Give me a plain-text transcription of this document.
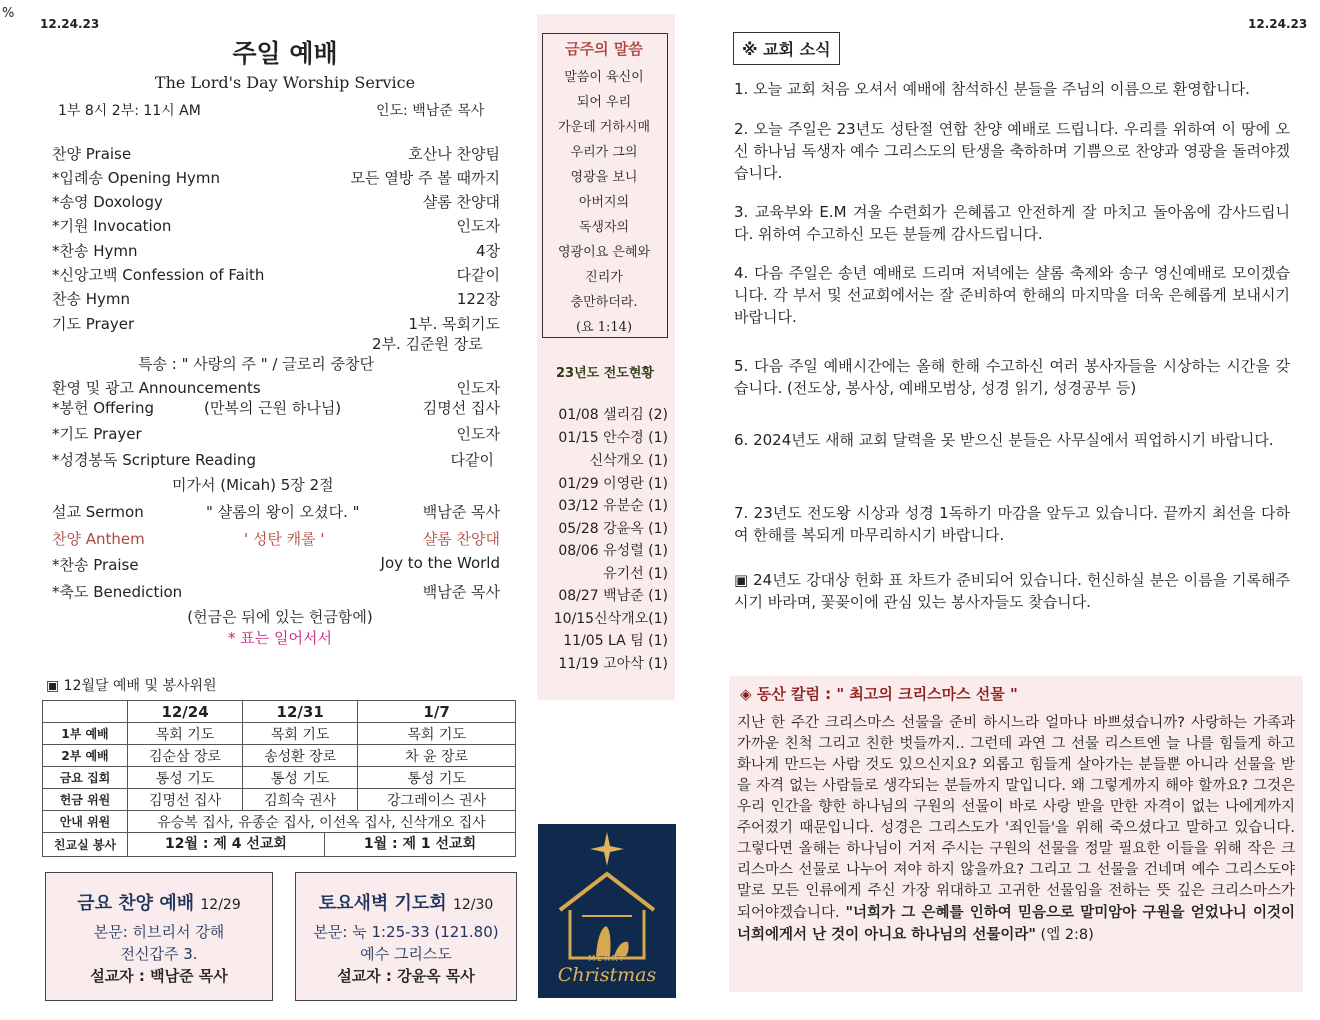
%
12.24.23	12.24.23
주일 예배
The Lord's Day Worship Service
1부 8시 2부: 11시 AM	인도: 백남준 목사
찬양 Praise	호산나 찬양팀
*입례송 Opening Hymn	모든 열방 주 볼 때까지
*송영 Doxology	샬롬 찬양대
*기원 Invocation	인도자
*찬송 Hymn	4장
*신앙고백 Confession of Faith	다같이
찬송 Hymn	122장
기도 Prayer	1부. 목회기도
2부. 김준원 장로
특송 : " 사랑의 주 " / 글로리 중창단
환영 및 광고 Announcements	인도자
*봉헌 Offering	(만복의 근원 하나님)	김명선 집사
*기도 Prayer	인도자
*성경봉독 Scripture Reading	다같이
미가서 (Micah) 5장 2절
설교 Sermon	" 샬롬의 왕이 오셨다. "	백남준 목사
찬양 Anthem	' 성탄 캐롤 '	샬롬 찬양대
*찬송 Praise	Joy to the World
*축도 Benediction	백남준 목사
(헌금은 뒤에 있는 헌금함에)
* 표는 일어서서
금주의 말씀
말씀이 육신이
되어 우리
가운데 거하시매
우리가 그의
영광을 보니
아버지의
독생자의
영광이요 은혜와
진리가
충만하더라.
(요 1:14)
23년도 전도현황
01/08 샐리김 (2)
01/15 안수경 (1)
신삭개오 (1)
01/29 이영란 (1)
03/12 유분순 (1)
05/28 강윤옥 (1)
08/06 유성렬 (1)
유기선 (1)
08/27 백남준 (1)
10/15신삭개오(1)
11/05 LA 팀 (1)
11/19 고아삭 (1)
▣ 12월달 예배 및 봉사위원
	12/24	12/31	1/7
1부 예배	목회 기도	목회 기도	목회 기도
2부 예배	김순삼 장로	송성환 장로	차 윤 장로
금요 집회	통성 기도	통성 기도	통성 기도
헌금 위원	김명선 집사	김희숙 권사	강그레이스 권사
안내 위원	유승복 집사, 유종순 집사, 이선옥 집사, 신삭개오 집사		
친교실 봉사	12월 : 제 4 선교회 1월 : 제 1 선교회		
금요 찬양 예배 12/29
본문: 히브리서 강해
전신갑주 3.
설교자 : 백남준 목사
토요새벽 기도회 12/30
본문: 눅 1:25-33 (121.80)
예수 그리스도
설교자 : 강윤옥 목사
MERRY
Christmas
※ 교회 소식
1. 오늘 교회 처음 오셔서 예배에 참석하신 분들을 주님의 이름으로 환영합니다.
2. 오늘 주일은 23년도 성탄절 연합 찬양 예배로 드립니다. 우리를 위하여 이 땅에 오신 하나님 독생자 예수 그리스도의 탄생을 축하하며 기쁨으로 찬양과 영광을 돌려야겠습니다.
3. 교육부와 E.M 겨울 수련회가 은혜롭고 안전하게 잘 마치고 돌아옴에 감사드립니다. 위하여 수고하신 모든 분들께 감사드립니다.
4. 다음 주일은 송년 예배로 드리며 저녁에는 샬롬 축제와 송구 영신예배로 모이겠습니다. 각 부서 및 선교회에서는 잘 준비하여 한해의 마지막을 더욱 은혜롭게 보내시기 바랍니다.
5. 다음 주일 예배시간에는 올해 한해 수고하신 여러 봉사자들을 시상하는 시간을 갖습니다. (전도상, 봉사상, 예배모범상, 성경 읽기, 성경공부 등)
6. 2024년도 새해 교회 달력을 못 받으신 분들은 사무실에서 픽업하시기 바랍니다.
7. 23년도 전도왕 시상과 성경 1독하기 마감을 앞두고 있습니다. 끝까지 최선을 다하여 한해를 복되게 마무리하시기 바랍니다.
▣ 24년도 강대상 헌화 표 차트가 준비되어 있습니다. 헌신하실 분은 이름을 기록해주시기 바라며, 꽃꽂이에 관심 있는 봉사자들도 찾습니다.
◈ 동산 칼럼 : " 최고의 크리스마스 선물 "
지난 한 주간 크리스마스 선물을 준비 하시느라 얼마나 바쁘셨습니까? 사랑하는 가족과 가까운 친척 그리고 친한 벗들까지.. 그런데 과연 그 선물 리스트엔 늘 나를 힘들게 하고 화나게 만드는 사람 것도 있으신지요? 외롭고 힘들게 살아가는 분들뿐 아니라 선물을 받을 자격 없는 사람들로 생각되는 분들까지 말입니다. 왜 그렇게까지 해야 할까요? 그것은 우리 인간을 향한 하나님의 구원의 선물이 바로 사랑 받을 만한 자격이 없는 나에게까지 주어졌기 때문입니다. 성경은 그리스도가 '죄인들'을 위해 죽으셨다고 말하고 있습니다. 그렇다면 올해는 하나님이 거저 주시는 구원의 선물을 정말 필요한 이들을 위해 작은 크리스마스 선물로 나누어 져야 하지 않을까요? 그리고 그 선물을 건네며 예수 그리스도야 말로 모든 인류에게 주신 가장 위대하고 고귀한 선물임을 전하는 뜻 깊은 크리스마스가 되어야겠습니다. "너희가 그 은혜를 인하여 믿음으로 말미암아 구원을 얻었나니 이것이 너희에게서 난 것이 아니요 하나님의 선물이라" (엡 2:8)
